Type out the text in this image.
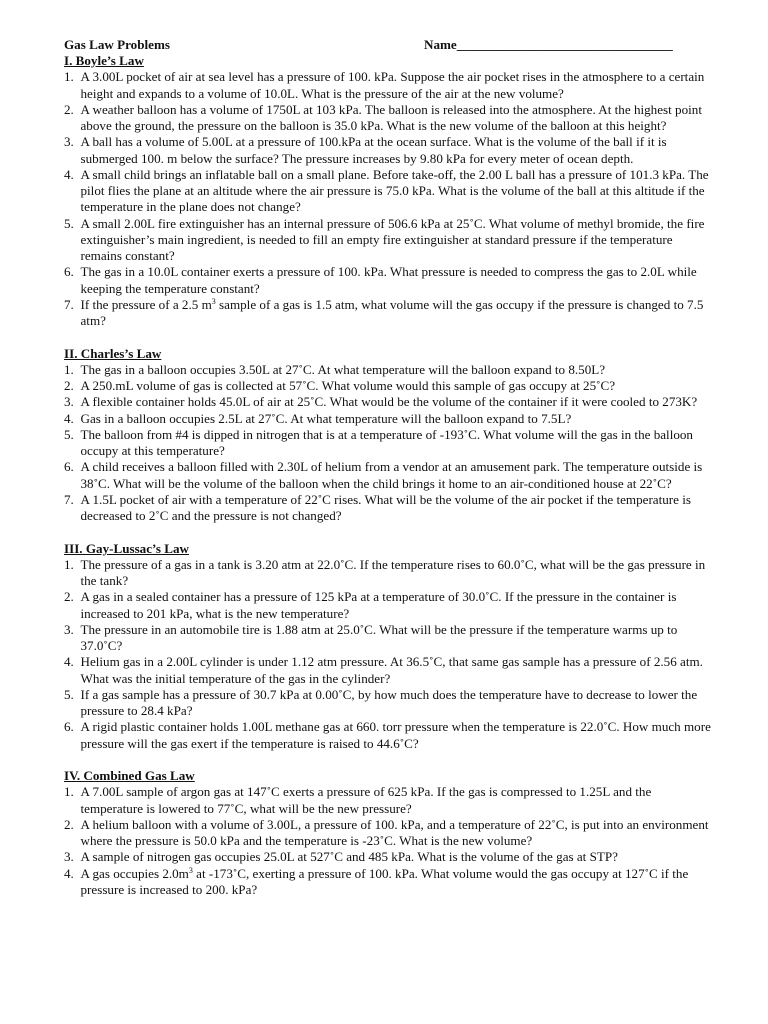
Gas Law Problems	Name_________________________________

I. Boyle’s Law

1. A 3.00L pocket of air at sea level has a pressure of 100. kPa. Suppose the air pocket rises in the atmosphere to a certain height and expands to a volume of 10.0L. What is the pressure of the air at the new volume?
2. A weather balloon has a volume of 1750L at 103 kPa. The balloon is released into the atmosphere. At the highest point above the ground, the pressure on the balloon is 35.0 kPa. What is the new volume of the balloon at this height?
3. A ball has a volume of 5.00L at a pressure of 100.kPa at the ocean surface. What is the volume of the ball if it is submerged 100. m below the surface? The pressure increases by 9.80 kPa for every meter of ocean depth.
4. A small child brings an inflatable ball on a small plane. Before take-off, the 2.00 L ball has a pressure of 101.3 kPa. The pilot flies the plane at an altitude where the air pressure is 75.0 kPa. What is the volume of the ball at this altitude if the temperature in the plane does not change?
5. A small 2.00L fire extinguisher has an internal pressure of 506.6 kPa at 25˚C. What volume of methyl bromide, the fire extinguisher’s main ingredient, is needed to fill an empty fire extinguisher at standard pressure if the temperature remains constant?
6. The gas in a 10.0L container exerts a pressure of 100. kPa. What pressure is needed to compress the gas to 2.0L while keeping the temperature constant?
7. If the pressure of a 2.5 $m^3$ sample of a gas is 1.5 atm, what volume will the gas occupy if the pressure is changed to 7.5 atm?

II. Charles’s Law

1. The gas in a balloon occupies 3.50L at 27˚C. At what temperature will the balloon expand to 8.50L?
2. A 250.mL volume of gas is collected at 57˚C. What volume would this sample of gas occupy at 25˚C?
3. A flexible container holds 45.0L of air at 25˚C. What would be the volume of the container if it were cooled to 273K?
4. Gas in a balloon occupies 2.5L at 27˚C. At what temperature will the balloon expand to 7.5L?
5. The balloon from #4 is dipped in nitrogen that is at a temperature of -193˚C. What volume will the gas in the balloon occupy at this temperature?
6. A child receives a balloon filled with 2.30L of helium from a vendor at an amusement park. The temperature outside is 38˚C. What will be the volume of the balloon when the child brings it home to an air-conditioned house at 22˚C?
7. A 1.5L pocket of air with a temperature of 22˚C rises. What will be the volume of the air pocket if the temperature is decreased to 2˚C and the pressure is not changed?

III. Gay-Lussac’s Law

1. The pressure of a gas in a tank is 3.20 atm at 22.0˚C. If the temperature rises to 60.0˚C, what will be the gas pressure in the tank?
2. A gas in a sealed container has a pressure of 125 kPa at a temperature of 30.0˚C. If the pressure in the container is increased to 201 kPa, what is the new temperature?
3. The pressure in an automobile tire is 1.88 atm at 25.0˚C. What will be the pressure if the temperature warms up to 37.0˚C?
4. Helium gas in a 2.00L cylinder is under 1.12 atm pressure. At 36.5˚C, that same gas sample has a pressure of 2.56 atm. What was the initial temperature of the gas in the cylinder?
5. If a gas sample has a pressure of 30.7 kPa at 0.00˚C, by how much does the temperature have to decrease to lower the pressure to 28.4 kPa?
6. A rigid plastic container holds 1.00L methane gas at 660. torr pressure when the temperature is 22.0˚C. How much more pressure will the gas exert if the temperature is raised to 44.6˚C?

IV. Combined Gas Law

1. A 7.00L sample of argon gas at 147˚C exerts a pressure of 625 kPa. If the gas is compressed to 1.25L and the temperature is lowered to 77˚C, what will be the new pressure?
2. A helium balloon with a volume of 3.00L, a pressure of 100. kPa, and a temperature of 22˚C, is put into an environment where the pressure is 50.0 kPa and the temperature is -23˚C. What is the new volume?
3. A sample of nitrogen gas occupies 25.0L at 527˚C and 485 kPa. What is the volume of the gas at STP?
4. A gas occupies $2.0m^3$ at -173˚C, exerting a pressure of 100. kPa. What volume would the gas occupy at 127˚C if the pressure is increased to 200. kPa?
